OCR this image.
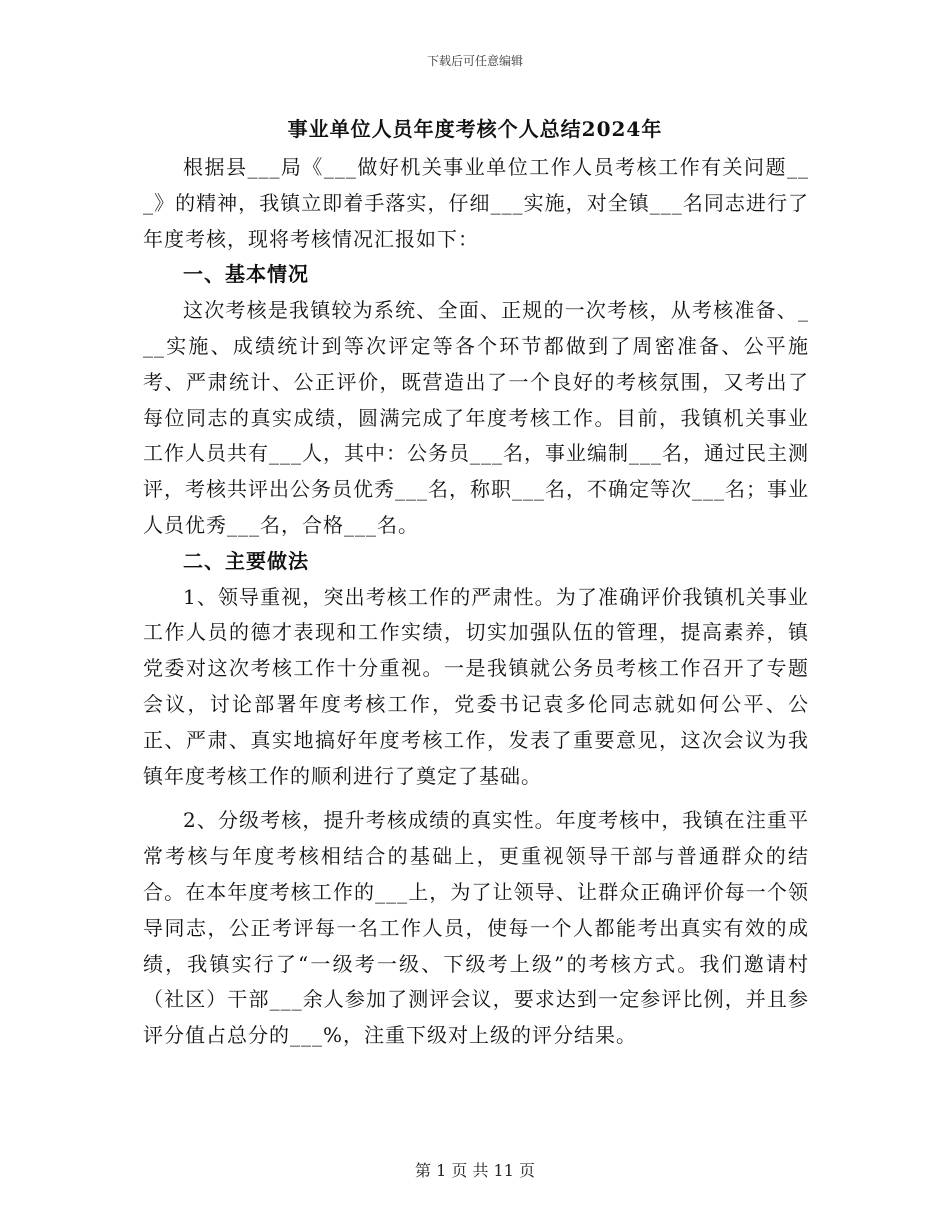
下载后可任意编辑
事业单位人员年度考核个人总结2024年

根据县___局《___做好机关事业单位工作人员考核工作有关问题___》的精神，我镇立即着手落实，仔细___实施，对全镇___名同志进行了年度考核，现将考核情况汇报如下：

一、基本情况

这次考核是我镇较为系统、全面、正规的一次考核，从考核准备、___实施、成绩统计到等次评定等各个环节都做到了周密准备、公平施考、严肃统计、公正评价，既营造出了一个良好的考核氛围，又考出了每位同志的真实成绩，圆满完成了年度考核工作。目前，我镇机关事业工作人员共有___人，其中：公务员___名，事业编制___名，通过民主测评，考核共评出公务员优秀___名，称职___名，不确定等次___名；事业人员优秀___名，合格___名。

二、主要做法

1、领导重视，突出考核工作的严肃性。为了准确评价我镇机关事业工作人员的德才表现和工作实绩，切实加强队伍的管理，提高素养，镇党委对这次考核工作十分重视。一是我镇就公务员考核工作召开了专题会议，讨论部署年度考核工作，党委书记袁多伦同志就如何公平、公正、严肃、真实地搞好年度考核工作，发表了重要意见，这次会议为我镇年度考核工作的顺利进行了奠定了基础。

2、分级考核，提升考核成绩的真实性。年度考核中，我镇在注重平常考核与年度考核相结合的基础上，更重视领导干部与普通群众的结合。在本年度考核工作的___上，为了让领导、让群众正确评价每一个领导同志，公正考评每一名工作人员，使每一个人都能考出真实有效的成绩，我镇实行了“一级考一级、下级考上级”的考核方式。我们邀请村（社区）干部___余人参加了测评会议，要求达到一定参评比例，并且参评分值占总分的___%，注重下级对上级的评分结果。

第 1 页 共 11 页
